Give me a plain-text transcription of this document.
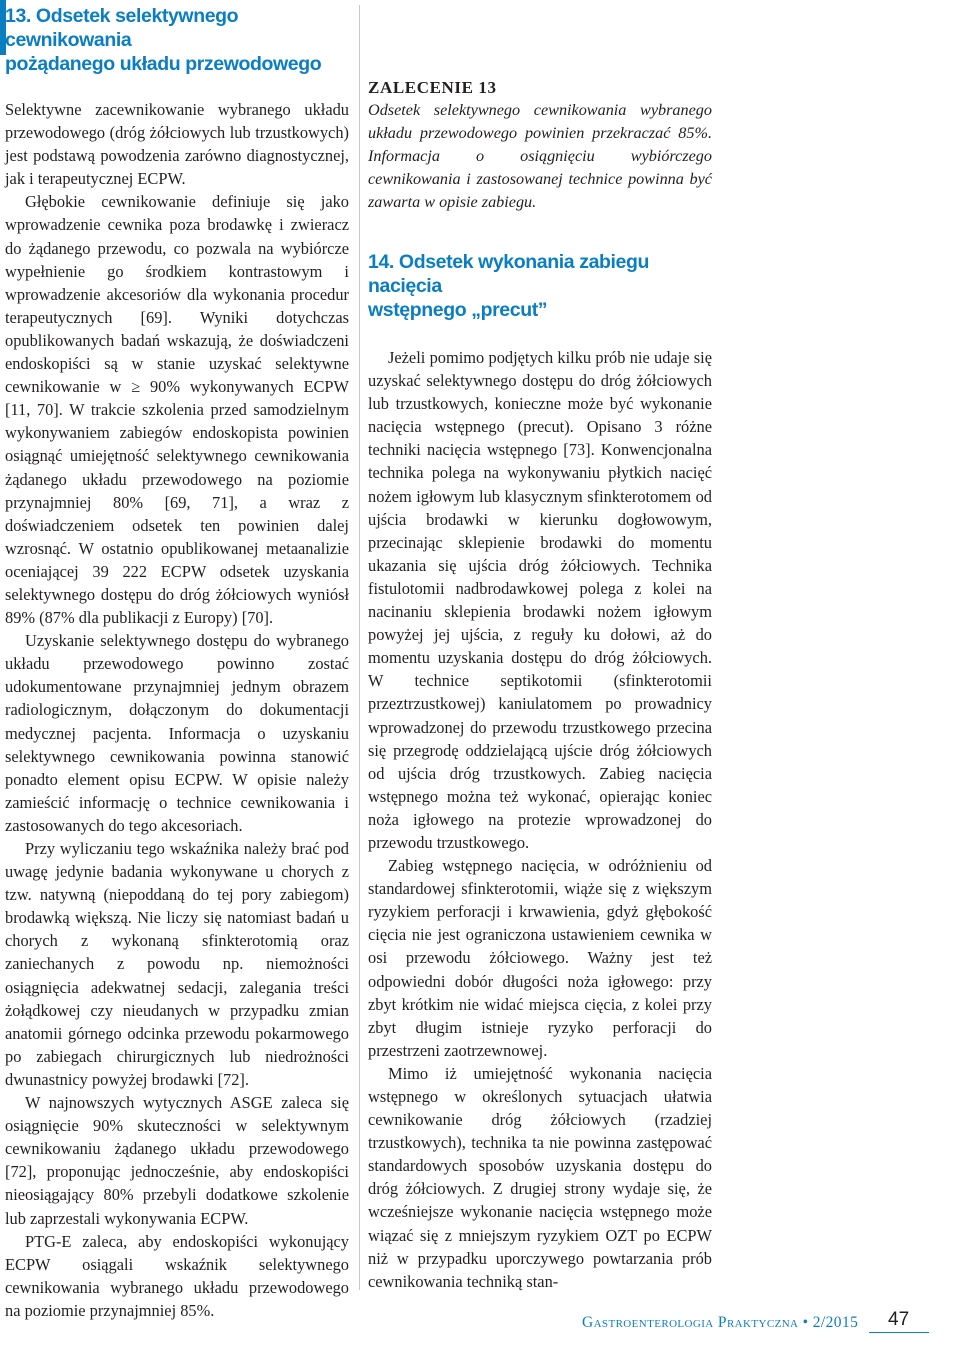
13. Odsetek selektywnego cewnikowania
pożądanego układu przewodowego

Selektywne zacewnikowanie wybranego układu przewodowego (dróg żółciowych lub trzustkowych) jest podstawą powodzenia zarówno diagnostycznej, jak i terapeutycznej ECPW.

Głębokie cewnikowanie definiuje się jako wprowadzenie cewnika poza brodawkę i zwieracz do żądanego przewodu, co pozwala na wybiórcze wypełnienie go środkiem kontrastowym i wprowadzenie akcesoriów dla wykonania procedur terapeutycznych [69]. Wyniki dotychczas opublikowanych badań wskazują, że doświadczeni endoskopiści są w stanie uzyskać selektywne cewnikowanie w ≥ 90% wykonywanych ECPW [11, 70]. W trakcie szkolenia przed samodzielnym wykonywaniem zabiegów endoskopista powinien osiągnąć umiejętność selektywnego cewnikowania żądanego układu przewodowego na poziomie przynajmniej 80% [69, 71], a wraz z doświadczeniem odsetek ten powinien dalej wzrosnąć. W ostatnio opublikowanej metaanalizie oceniającej 39 222 ECPW odsetek uzyskania selektywnego dostępu do dróg żółciowych wyniósł 89% (87% dla publikacji z Europy) [70].

Uzyskanie selektywnego dostępu do wybranego układu przewodowego powinno zostać udokumentowane przynajmniej jednym obrazem radiologicznym, dołączonym do dokumentacji medycznej pacjenta. Informacja o uzyskaniu selektywnego cewnikowania powinna stanowić ponadto element opisu ECPW. W opisie należy zamieścić informację o technice cewnikowania i zastosowanych do tego akcesoriach.

Przy wyliczaniu tego wskaźnika należy brać pod uwagę jedynie badania wykonywane u chorych z tzw. natywną (niepoddaną do tej pory zabiegom) brodawką większą. Nie liczy się natomiast badań u chorych z wykonaną sfinkterotomią oraz zaniechanych z powodu np. niemożności osiągnięcia adekwatnej sedacji, zalegania treści żołądkowej czy nieudanych w przypadku zmian anatomii górnego odcinka przewodu pokarmowego po zabiegach chirurgicznych lub niedrożności dwunastnicy powyżej brodawki [72].

W najnowszych wytycznych ASGE zaleca się osiągnięcie 90% skuteczności w selektywnym cewnikowaniu żądanego układu przewodowego [72], proponując jednocześnie, aby endoskopiści nieosiągający 80% przebyli dodatkowe szkolenie lub zaprzestali wykonywania ECPW.

PTG-E zaleca, aby endoskopiści wykonujący ECPW osiągali wskaźnik selektywnego cewnikowania wybranego układu przewodowego na poziomie przynajmniej 85%.

ZALECENIE 13
Odsetek selektywnego cewnikowania wybranego układu przewodowego powinien przekraczać 85%. Informacja o osiągnięciu wybiórczego cewnikowania i zastosowanej technice powinna być zawarta w opisie zabiegu.
14. Odsetek wykonania zabiegu nacięcia
wstępnego „precut”

Jeżeli pomimo podjętych kilku prób nie udaje się uzyskać selektywnego dostępu do dróg żółciowych lub trzustkowych, konieczne może być wykonanie nacięcia wstępnego (precut). Opisano 3 różne techniki nacięcia wstępnego [73]. Konwencjonalna technika polega na wykonywaniu płytkich nacięć nożem igłowym lub klasycznym sfinkterotomem od ujścia brodawki w kierunku dogłowowym, przecinając sklepienie brodawki do momentu ukazania się ujścia dróg żółciowych. Technika fistulotomii nadbrodawkowej polega z kolei na nacinaniu sklepienia brodawki nożem igłowym powyżej jej ujścia, z reguły ku dołowi, aż do momentu uzyskania dostępu do dróg żółciowych. W technice septikotomii (sfinkterotomii przeztrzustkowej) kaniulatomem po prowadnicy wprowadzonej do przewodu trzustkowego przecina się przegrodę oddzielającą ujście dróg żółciowych od ujścia dróg trzustkowych. Zabieg nacięcia wstępnego można też wykonać, opierając koniec noża igłowego na protezie wprowadzonej do przewodu trzustkowego.

Zabieg wstępnego nacięcia, w odróżnieniu od standardowej sfinkterotomii, wiąże się z większym ryzykiem perforacji i krwawienia, gdyż głębokość cięcia nie jest ograniczona ustawieniem cewnika w osi przewodu żółciowego. Ważny jest też odpowiedni dobór długości noża igłowego: przy zbyt krótkim nie widać miejsca cięcia, z kolei przy zbyt długim istnieje ryzyko perforacji do przestrzeni zaotrzewnowej.

Mimo iż umiejętność wykonania nacięcia wstępnego w określonych sytuacjach ułatwia cewnikowanie dróg żółciowych (rzadziej trzustkowych), technika ta nie powinna zastępować standardowych sposobów uzyskania dostępu do dróg żółciowych. Z drugiej strony wydaje się, że wcześniejsze wykonanie nacięcia wstępnego może wiązać się z mniejszym ryzykiem OZT po ECPW niż w przypadku uporczywego powtarzania prób cewnikowania techniką stan-

Gastroenterologia Praktyczna • 2/2015 47
